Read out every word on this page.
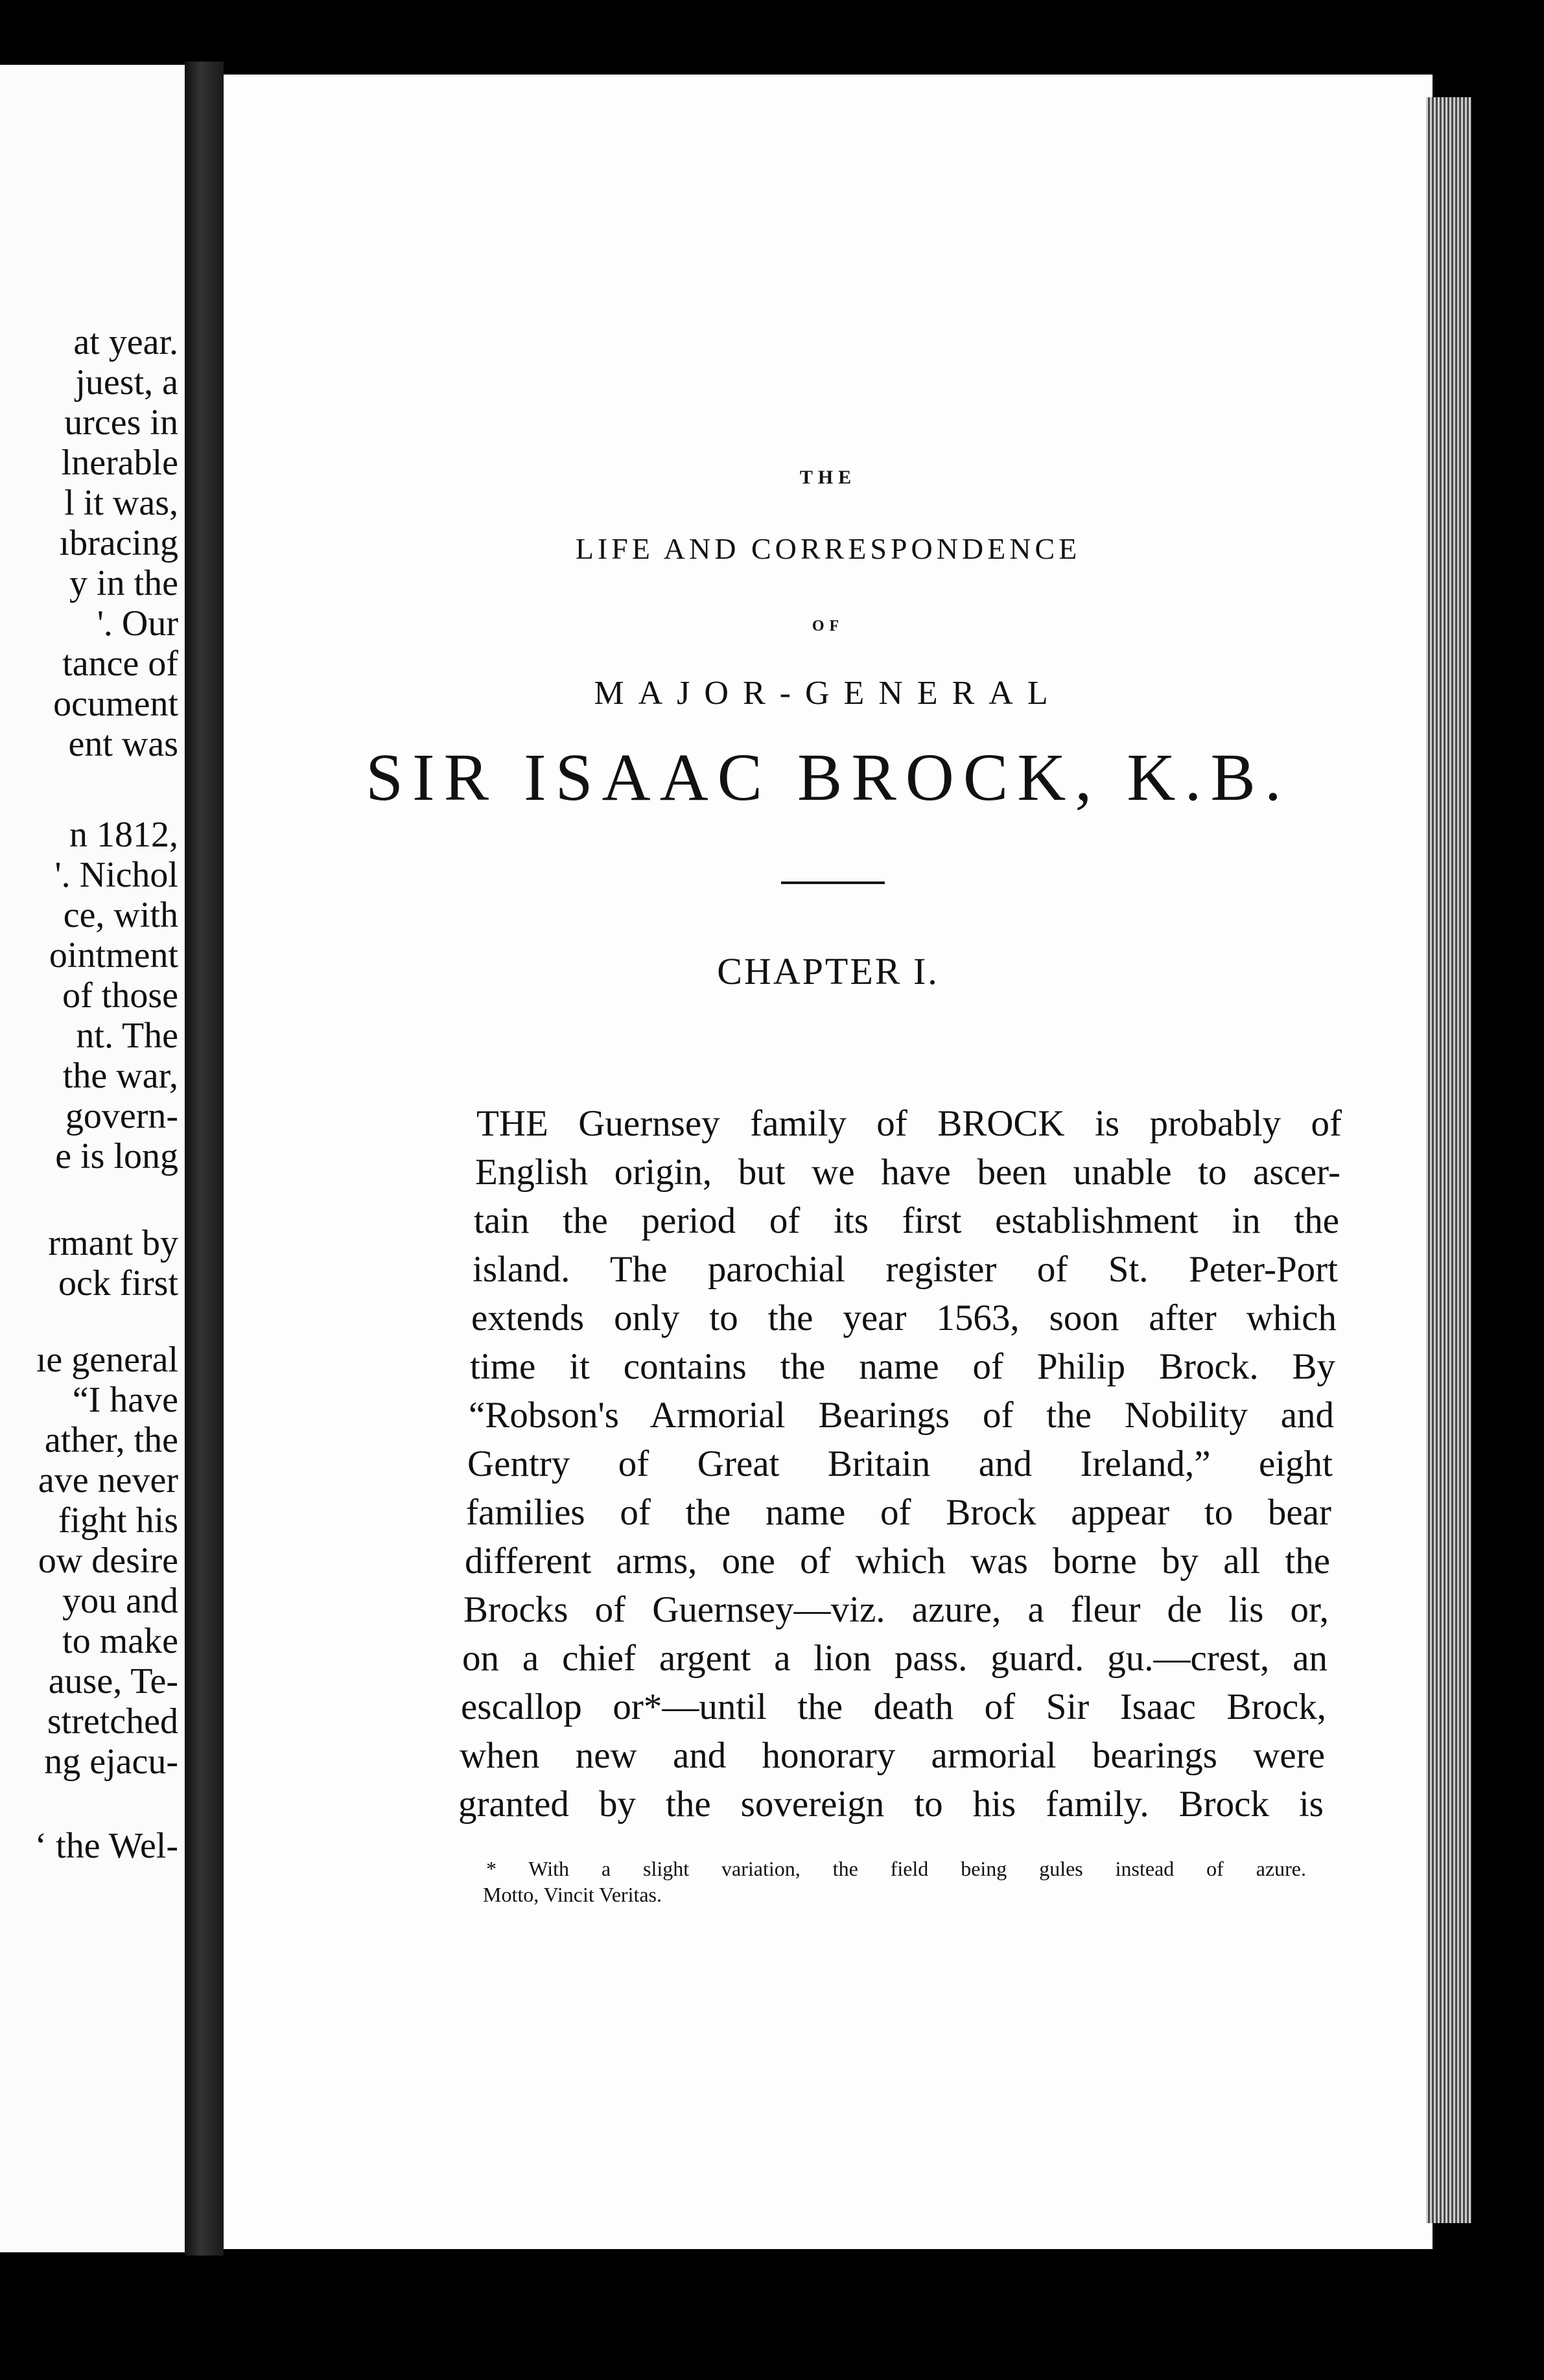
at year.
juest, a
urces in
lnerable
l it was,
ıbracing
y in the
'. Our
tance of
ocument
ent was
n 1812,
'. Nichol
ce, with
ointment
of those
nt. The
the war,
govern-
e is long
rmant by
ock first
ıe general
“I have
ather, the
ave never
fight his
ow desire
you and
to make
ause, Te-
stretched
ng ejacu-
‘ the Wel-
THE
LIFE AND CORRESPONDENCE
OF
MAJOR-GENERAL
SIR ISAAC BROCK, K.B.
CHAPTER I.
THE Guernsey family of BROCK is probably of
English origin, but we have been unable to ascer-
tain the period of its first establishment in the
island. The parochial register of St. Peter-Port
extends only to the year 1563, soon after which
time it contains the name of Philip Brock. By
“Robson's Armorial Bearings of the Nobility and
Gentry of Great Britain and Ireland,” eight
families of the name of Brock appear to bear
different arms, one of which was borne by all the
Brocks of Guernsey—viz. azure, a fleur de lis or,
on a chief argent a lion pass. guard. gu.—crest, an
escallop or*—until the death of Sir Isaac Brock,
when new and honorary armorial bearings were
granted by the sovereign to his family. Brock is
* With a slight variation, the field being gules instead of azure.
Motto, Vincit Veritas.
